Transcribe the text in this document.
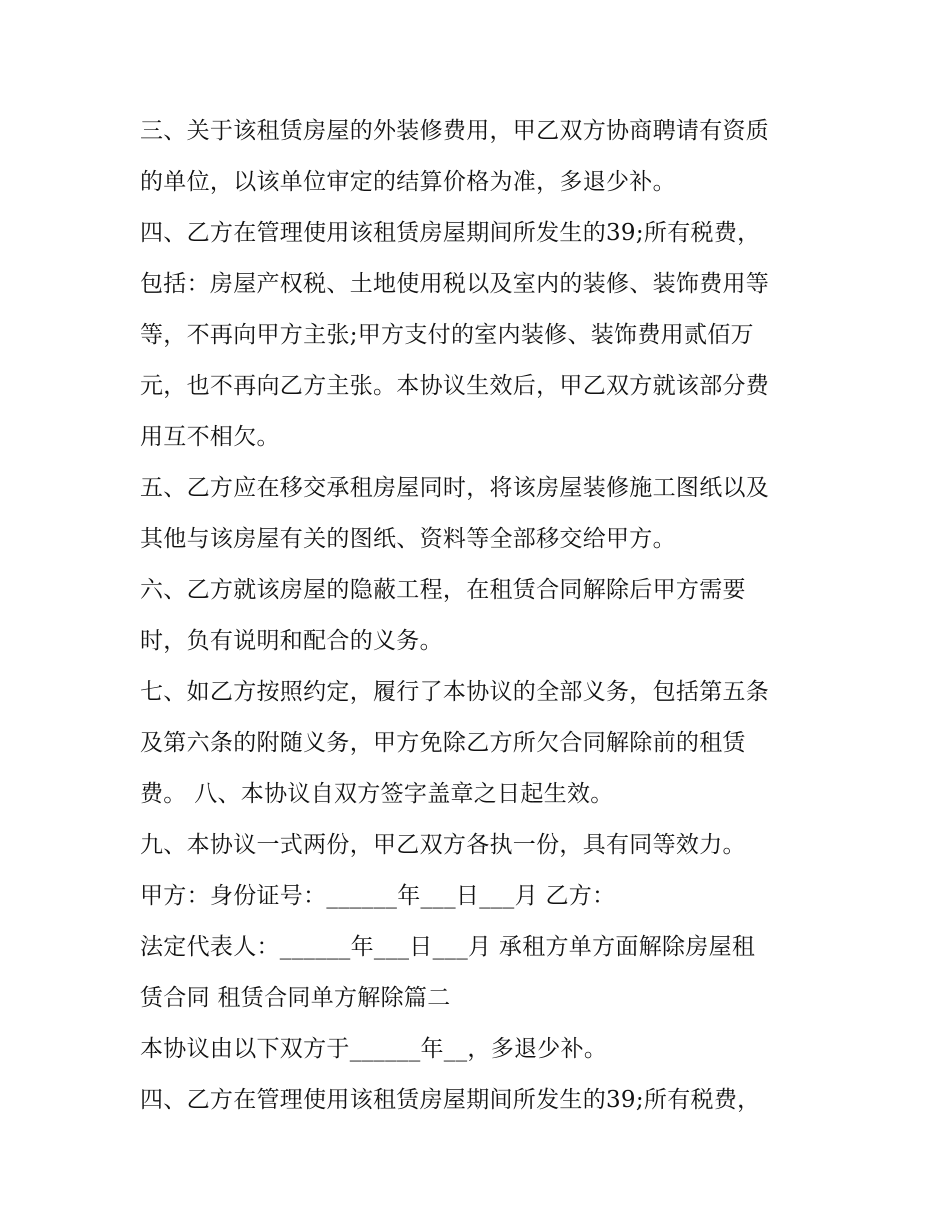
三、关于该租赁房屋的外装修费用，甲乙双方协商聘请有资质
的单位，以该单位审定的结算价格为准，多退少补。
四、乙方在管理使用该租赁房屋期间所发生的39;所有税费，
包括：房屋产权税、土地使用税以及室内的装修、装饰费用等
等，不再向甲方主张;甲方支付的室内装修、装饰费用贰佰万
元，也不再向乙方主张。本协议生效后，甲乙双方就该部分费
用互不相欠。
五、乙方应在移交承租房屋同时，将该房屋装修施工图纸以及
其他与该房屋有关的图纸、资料等全部移交给甲方。
六、乙方就该房屋的隐蔽工程，在租赁合同解除后甲方需要
时，负有说明和配合的义务。
七、如乙方按照约定，履行了本协议的全部义务，包括第五条
及第六条的附随义务，甲方免除乙方所欠合同解除前的租赁
费。 八、本协议自双方签字盖章之日起生效。
九、本协议一式两份，甲乙双方各执一份，具有同等效力。
甲方：身份证号：______年___日___月 乙方：
法定代表人：______年___日___月 承租方单方面解除房屋租
赁合同 租赁合同单方解除篇二
本协议由以下双方于______年__，多退少补。
四、乙方在管理使用该租赁房屋期间所发生的39;所有税费，
